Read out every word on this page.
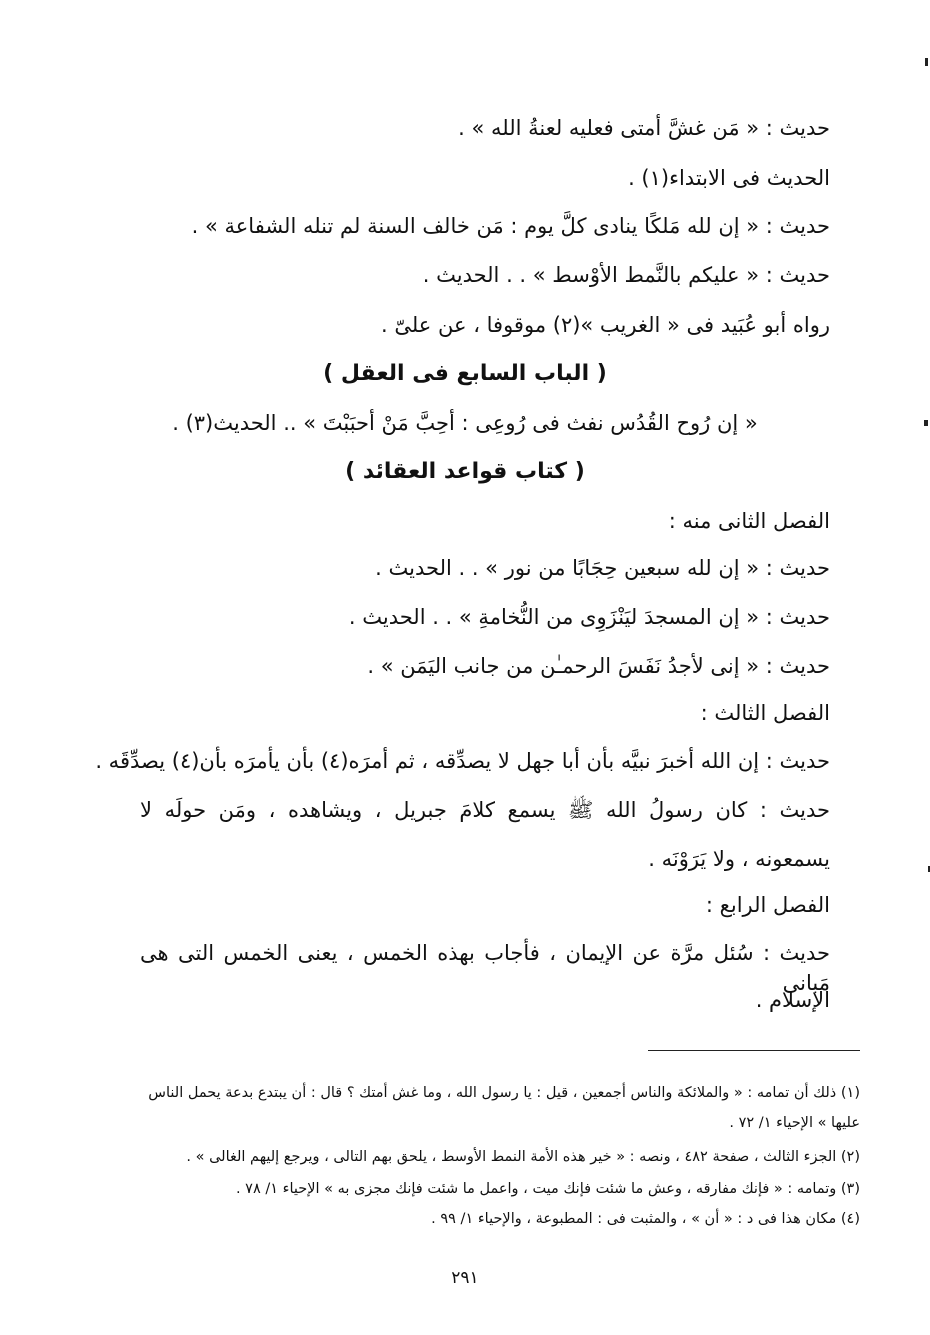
حديث : « مَن غشَّ أمتى فعليه لعنةُ الله » .
الحديث فى الابتداء(١) .
حديث : « إن لله مَلكًا ينادى كلَّ يوم : مَن خالف السنة لم تنله الشفاعة » .
حديث : « عليكم بالنَّمط الأوْسط » . . الحديث .
رواه أبو عُبَيد فى « الغريب »(٢) موقوفا ، عن علىّ .
( الباب السابع فى العقل )
« إن رُوح القُدُس نفث فى رُوعِى : أحِبَّ مَنْ أحبَبْتَ » .. الحديث(٣) .
( كتاب قواعد العقائد )
الفصل الثانى منه :
حديث : « إن لله سبعين حِجَابًا من نور » . . الحديث .
حديث : « إن المسجدَ ليَنْزَوِى من النُّخامةِ » . . الحديث .
حديث : « إنى لأجدُ نَفَسَ الرحمـٰن من جانب اليَمَن » .
الفصل الثالث :
حديث : إن الله أخبرَ نبيَّه بأن أبا جهل لا يصدِّقه ، ثم أمرَه(٤) بأن يأمرَه بأن(٤) يصدِّقَه .
حديث : كان رسولُ الله ﷺ يسمع كلامَ جبريل ، ويشاهده ، ومَن حولَه لا
يسمعونه ، ولا يَرَوْنَه .
الفصل الرابع :
حديث : سُئل مرَّة عن الإيمان ، فأجاب بهذه الخمس ، يعنى الخمس التى هى مَبانى
الإسلام .
(١) ذلك أن تمامه : « والملائكة والناس أجمعين ، قيل : يا رسول الله ، وما غش أمتك ؟ قال : أن يبتدع بدعة يحمل الناس
عليها » الإحياء ١/ ٧٢ .
(٢) الجزء الثالث ، صفحة ٤٨٢ ، ونصه : « خير هذه الأمة النمط الأوسط ، يلحق بهم التالى ، ويرجع إليهم الغالى » .
(٣) وتمامه : « فإنك مفارقه ، وعش ما شئت فإنك ميت ، واعمل ما شئت فإنك مجزى به » الإحياء ١/ ٧٨ .
(٤) مكان هذا فى د : « أن » ، والمثبت فى : المطبوعة ، والإحياء ١/ ٩٩ .
٢٩١
